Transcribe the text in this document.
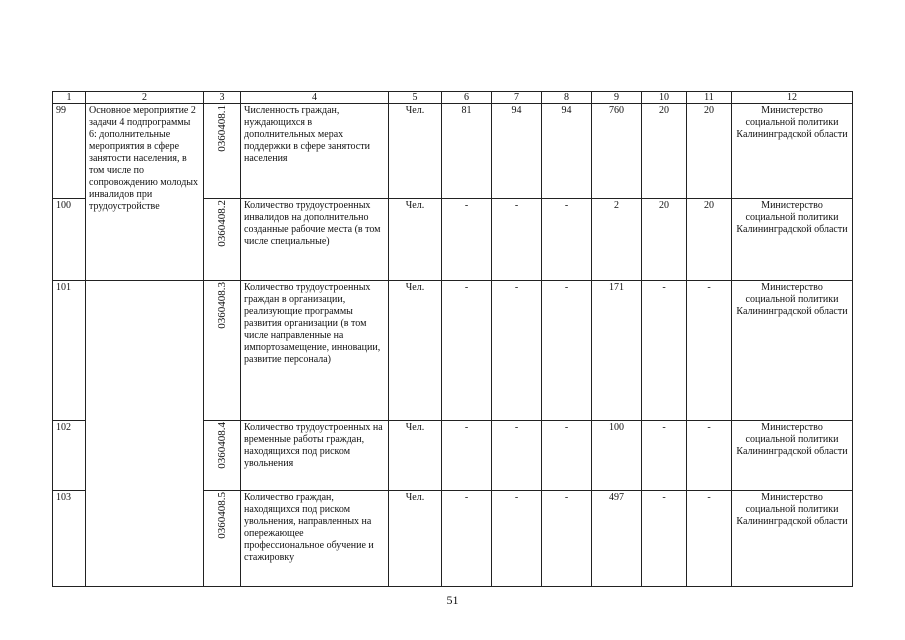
1	2	3	4	5	6	7	8	9	10	11	12
99	Основное мероприятие 2 задачи 4 подпрограммы 6: дополнительные мероприятия в сфере занятости населения, в том числе по сопровождению молодых инвалидов при трудоустройстве	0360408.1	Численность граждан, нуждающихся в дополнительных мерах поддержки в сфере занятости населения	Чел.	81	94	94	760	20	20	Министерство социальной политики Калининградской области
100		0360408.2	Количество трудоустроенных инвалидов на дополнительно созданные рабочие места (в том числе специальные)	Чел.	-	-	-	2	20	20	Министерство социальной политики Калининградской области
101		0360408.3	Количество трудоустроенных граждан в организации, реализующие программы развития организации (в том числе направленные на импортозамещение, инновации, развитие персонала)	Чел.	-	-	-	171	-	-	Министерство социальной политики Калининградской области
102		0360408.4	Количество трудоустроенных на временные работы граждан, находящихся под риском увольнения	Чел.	-	-	-	100	-	-	Министерство социальной политики Калининградской области
103		0360408.5	Количество граждан, находящихся под риском увольнения, направленных на опережающее профессиональное обучение и стажировку	Чел.	-	-	-	497	-	-	Министерство социальной политики Калининградской области
51
